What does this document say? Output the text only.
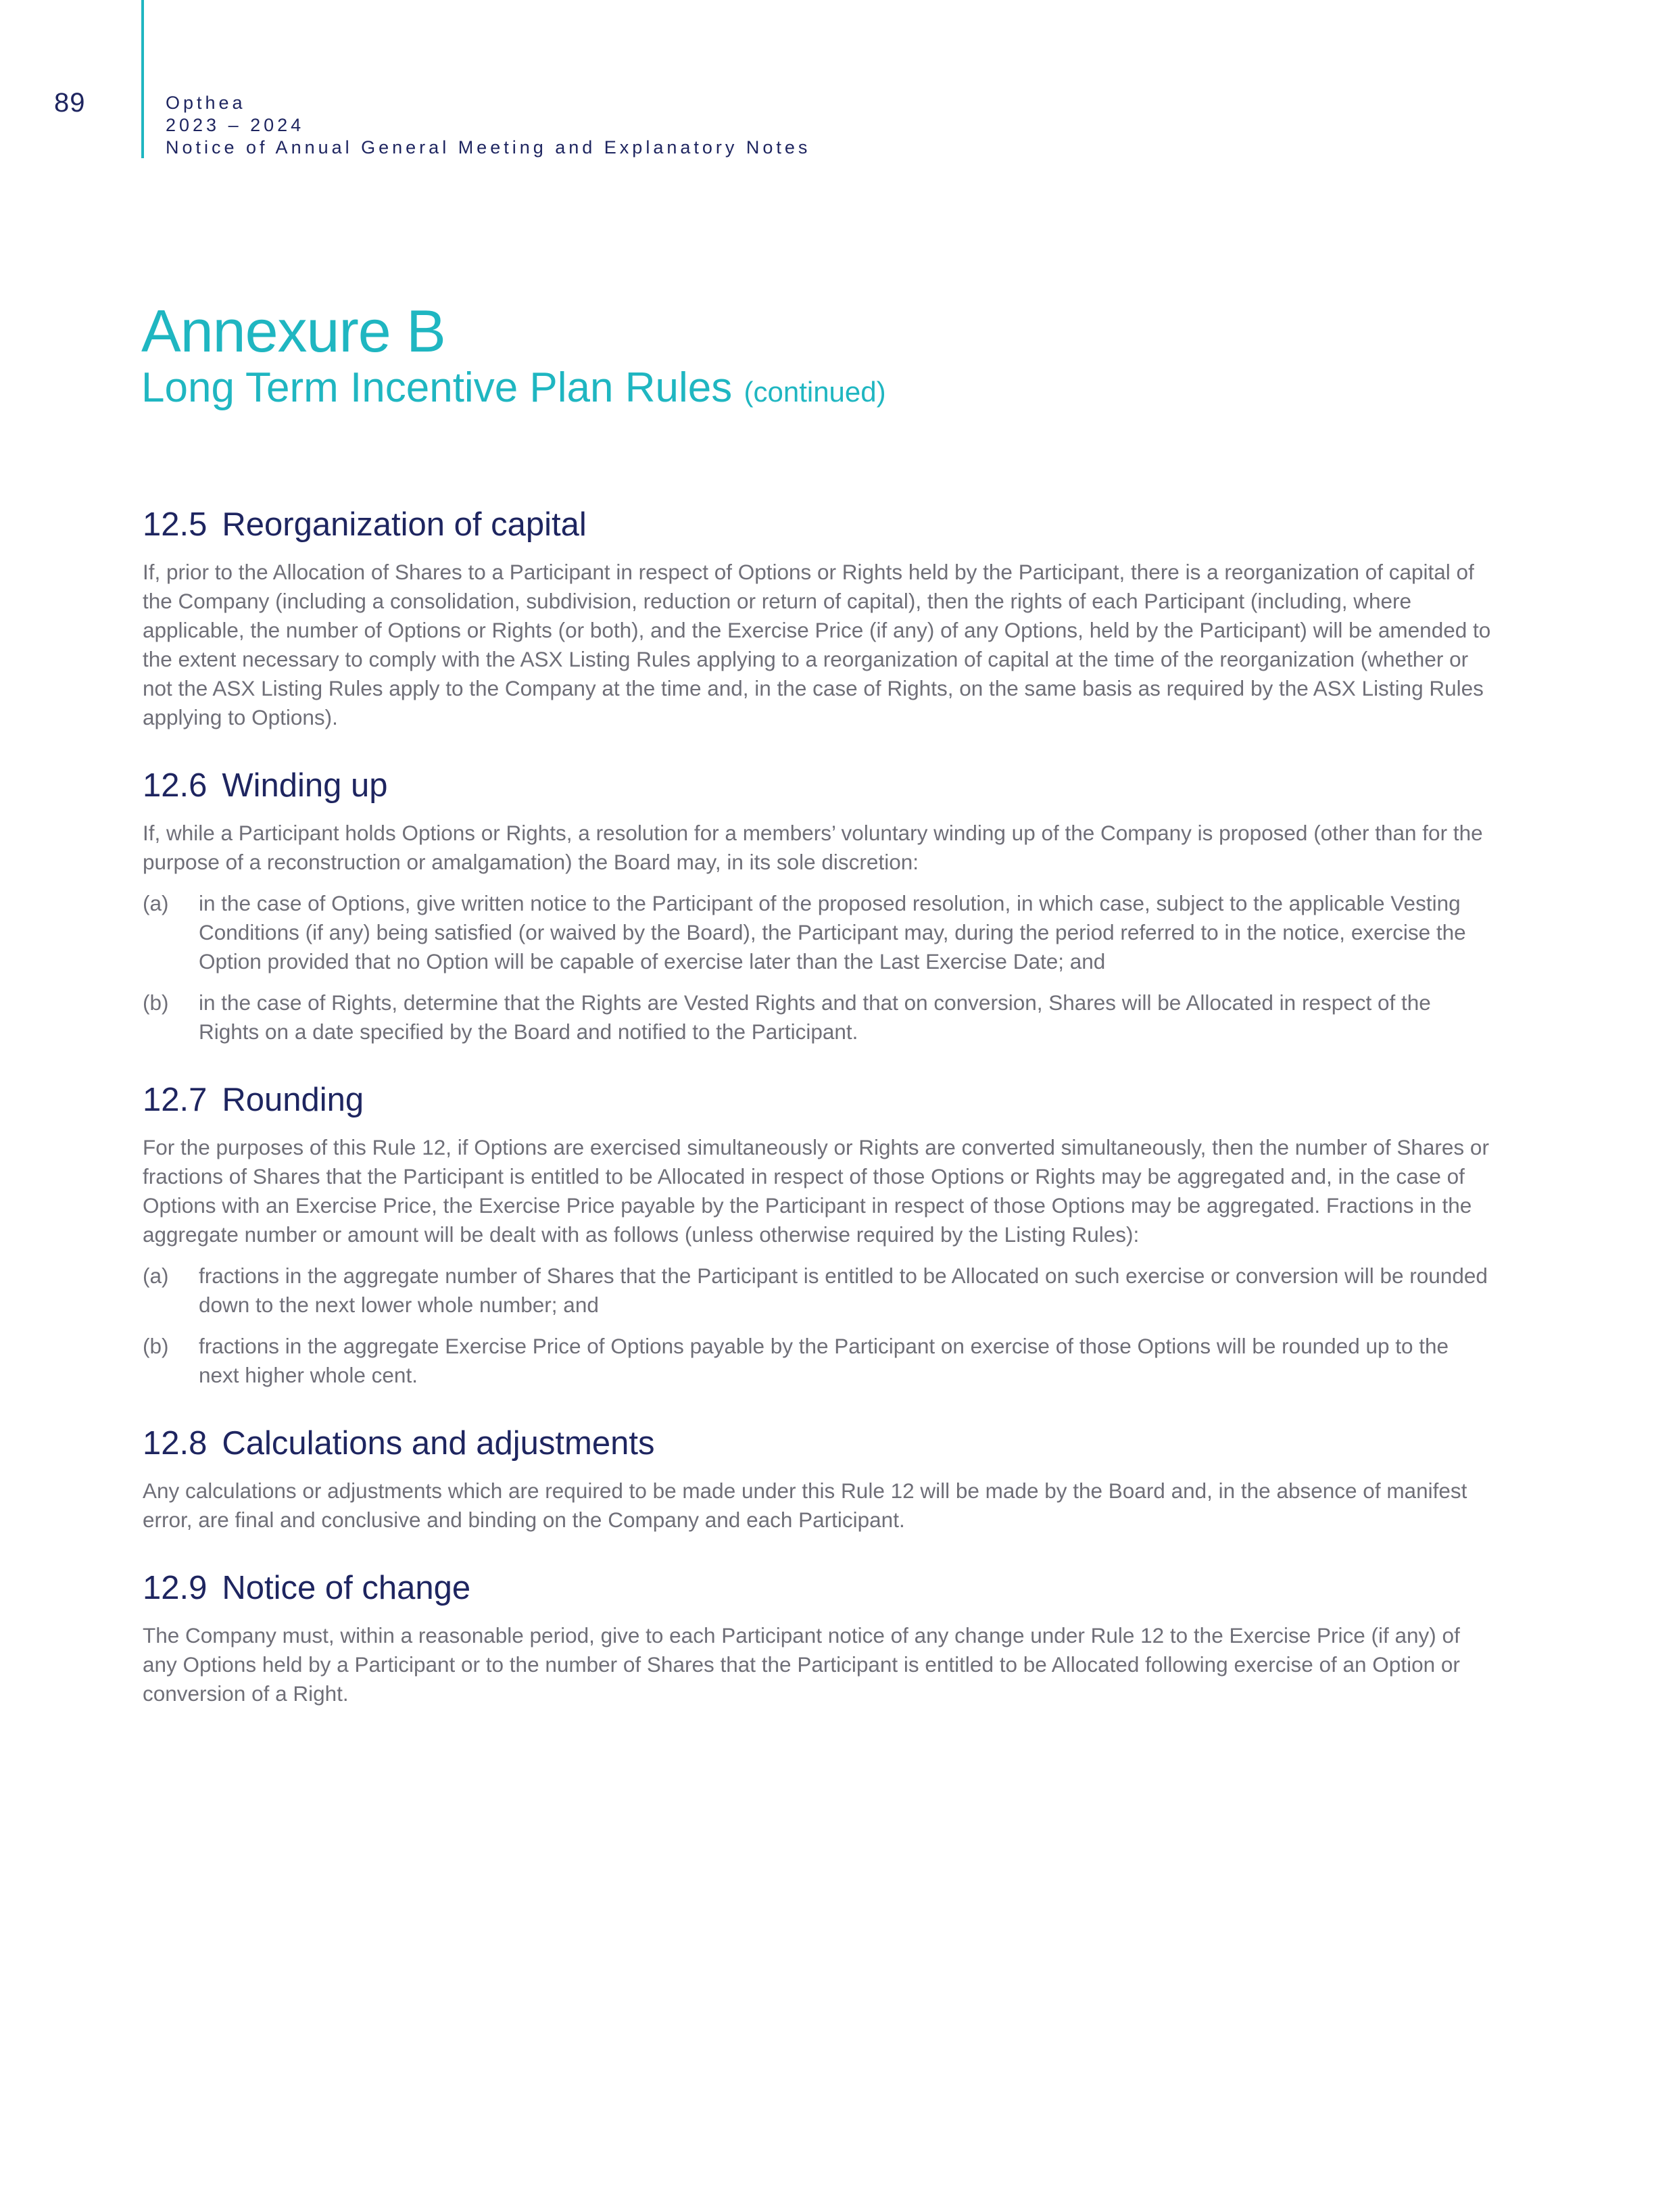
89	Opthea
2023 – 2024
Notice of Annual General Meeting and Explanatory Notes
Annexure B
Long Term Incentive Plan Rules (continued)
12.5 Reorganization of capital

If, prior to the Allocation of Shares to a Participant in respect of Options or Rights held by the Participant, there is a reorganization of capital of the Company (including a consolidation, subdivision, reduction or return of capital), then the rights of each Participant (including, where applicable, the number of Options or Rights (or both), and the Exercise Price (if any) of any Options, held by the Participant) will be amended to the extent necessary to comply with the ASX Listing Rules applying to a reorganization of capital at the time of the reorganization (whether or not the ASX Listing Rules apply to the Company at the time and, in the case of Rights, on the same basis as required by the ASX Listing Rules applying to Options).

12.6 Winding up

If, while a Participant holds Options or Rights, a resolution for a members’ voluntary winding up of the Company is proposed (other than for the purpose of a reconstruction or amalgamation) the Board may, in its sole discretion:

(a)	in the case of Options, give written notice to the Participant of the proposed resolution, in which case, subject to the applicable Vesting Conditions (if any) being satisfied (or waived by the Board), the Participant may, during the period referred to in the notice, exercise the Option provided that no Option will be capable of exercise later than the Last Exercise Date; and
(b)	in the case of Rights, determine that the Rights are Vested Rights and that on conversion, Shares will be Allocated in respect of the Rights on a date specified by the Board and notified to the Participant.
12.7 Rounding

For the purposes of this Rule 12, if Options are exercised simultaneously or Rights are converted simultaneously, then the number of Shares or fractions of Shares that the Participant is entitled to be Allocated in respect of those Options or Rights may be aggregated and, in the case of Options with an Exercise Price, the Exercise Price payable by the Participant in respect of those Options may be aggregated. Fractions in the aggregate number or amount will be dealt with as follows (unless otherwise required by the Listing Rules):

(a)	fractions in the aggregate number of Shares that the Participant is entitled to be Allocated on such exercise or conversion will be rounded down to the next lower whole number; and
(b)	fractions in the aggregate Exercise Price of Options payable by the Participant on exercise of those Options will be rounded up to the next higher whole cent.
12.8 Calculations and adjustments

Any calculations or adjustments which are required to be made under this Rule 12 will be made by the Board and, in the absence of manifest error, are final and conclusive and binding on the Company and each Participant.

12.9 Notice of change

The Company must, within a reasonable period, give to each Participant notice of any change under Rule 12 to the Exercise Price (if any) of any Options held by a Participant or to the number of Shares that the Participant is entitled to be Allocated following exercise of an Option or conversion of a Right.
